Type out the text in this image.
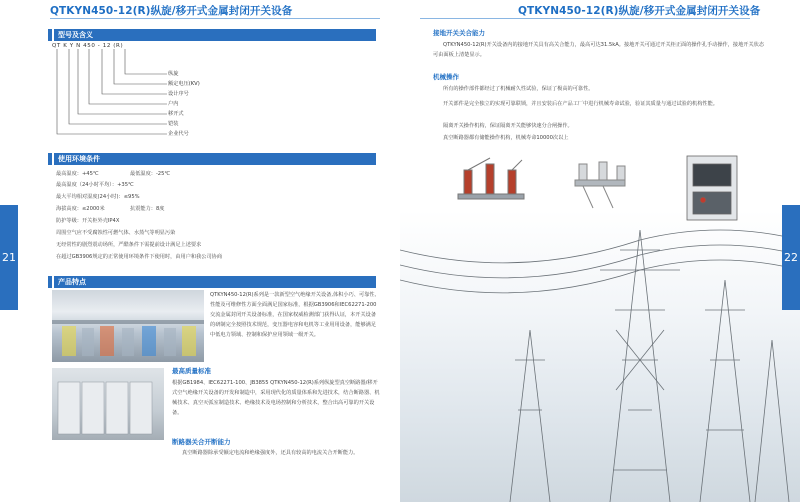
QTKYN450-12(R)纵旋/移开式金属封闭开关设备
型号及含义
QT K Y N 450 - 12 (R)
纵旋
额定电压(KV)
设计序号
户内
移开式
铠装
企业代号
使用环境条件
最高温度：+45℃	最低温度：-25℃
最高温度（24小时平均）：+35℃
最大平均相对湿度(24小时)：≤95%
海拔高度：≤2000米	抗震能力：8度
防护等级：开关柜外壳IP4X
周围空气应不受腐蚀性可燃气体、水蒸气等明显污染
无经常性的剧烈震动场所，严酷条件下需提前设计满足上述要求
在超过GB3906规定的正常使用环境条件下使用时，由用户和我公司协商
产品特点
QTKYN450-12(R)系列是一款新型空气绝缘开关设备,体积小巧、可靠性、性能及可维修性方面全面满足国家标准，根据GB3906和IEC62271-200交流金属封闭开关设备标准，在国家权威检测部门获得认证，本开关设备的研制完全按照技术规范，变压器电容和电机等工业用用设备，能够满足中低电力领域、控制和保护应用领域一级开关。
最高质量标准
根据GB1984、IEC62271-100、JB3855 QTKYN450-12(R)系列纵旋型真空断路器/移开式空气绝缘开关设备的开发和制造中，采用现代化的质量体系和先进技术，结合断路器、机械技术、真空灭弧室制造技术、绝缘技术及电场控制和分析技术，整合出高可靠的开关设备。
断路器关合开断能力
真空断路器除承受额定电流和绝缘强度外，还具有较高的电流关合开断能力。
21
QTKYN450-12(R)纵旋/移开式金属封闭开关设备
接地开关关合能力
QTKYN450-12(R)开关设备内的接地开关具有高关合能力，最高可达31.5kA。接地开关可通过开关柜正面的操作孔手动操作，接地开关状态可由面板上清楚显示。
机械操作
所有的操作部件都经过了机械耐久性试验，保证了极高的可靠性。
开关部件是完全独立的实现可靠联锁，并且安装后在产品工厂中进行机械寿命试验，验证其质量与通过试验的机构性能。
隔离开关操作机构，保证隔离开关能够快速分合闸操作。
真空断路器都有储能操作机构，机械寿命10000次以上
22
